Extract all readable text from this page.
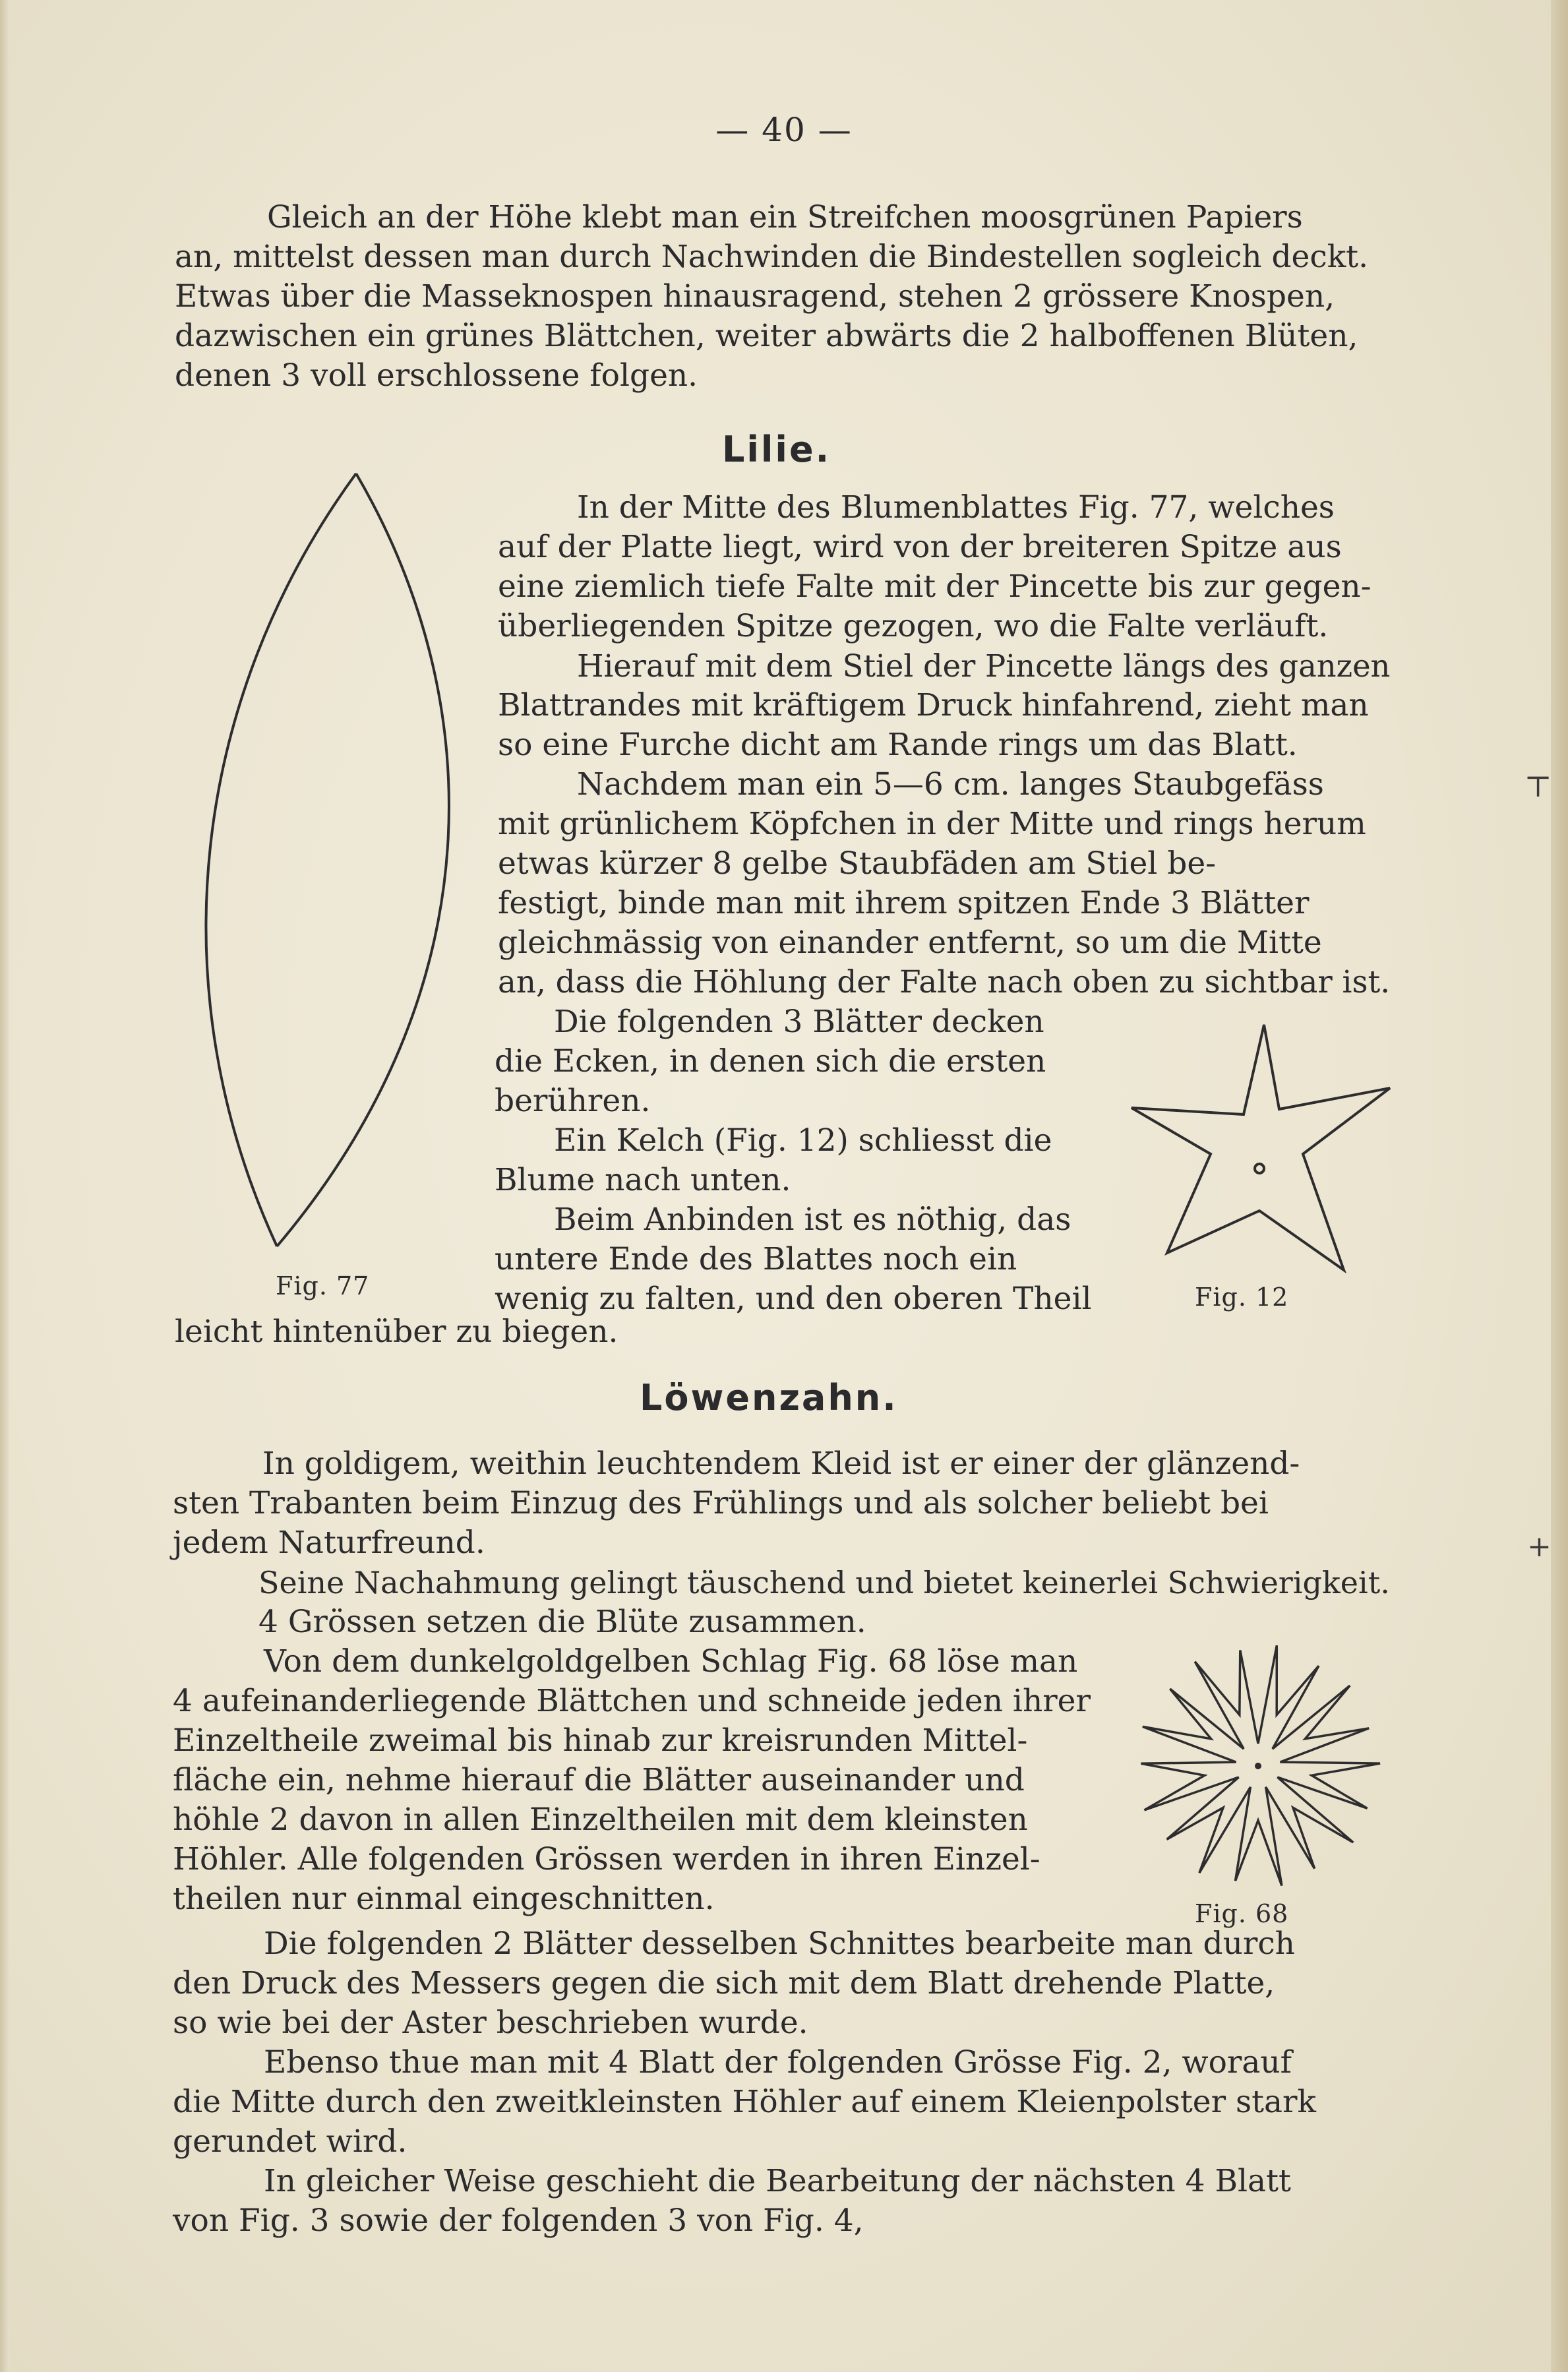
— 40 —
Gleich an der Höhe klebt man ein Streifchen moosgrünen Papiers
an, mittelst dessen man durch Nachwinden die Bindestellen sogleich deckt.
Etwas über die Masseknospen hinausragend, stehen 2 grössere Knospen,
dazwischen ein grünes Blättchen, weiter abwärts die 2 halboffenen Blüten,
denen 3 voll erschlossene folgen.
Lilie.
Fig. 77
In der Mitte des Blumenblattes Fig. 77, welches
auf der Platte liegt, wird von der breiteren Spitze aus
eine ziemlich tiefe Falte mit der Pincette bis zur gegen-
überliegenden Spitze gezogen, wo die Falte verläuft.
Hierauf mit dem Stiel der Pincette längs des ganzen
Blattrandes mit kräftigem Druck hinfahrend, zieht man
so eine Furche dicht am Rande rings um das Blatt.
Nachdem man ein 5—6 cm. langes Staubgefäss
mit grünlichem Köpfchen in der Mitte und rings herum
etwas kürzer 8 gelbe Staubfäden am Stiel be-
festigt, binde man mit ihrem spitzen Ende 3 Blätter
gleichmässig von einander entfernt, so um die Mitte
an, dass die Höhlung der Falte nach oben zu sichtbar ist.
Die folgenden 3 Blätter decken
die Ecken, in denen sich die ersten
berühren.
Ein Kelch (Fig. 12) schliesst die
Blume nach unten.
Beim Anbinden ist es nöthig, das
untere Ende des Blattes noch ein
wenig zu falten, und den oberen Theil	Fig. 12
leicht hintenüber zu biegen.
Löwenzahn.
In goldigem, weithin leuchtendem Kleid ist er einer der glänzend-
sten Trabanten beim Einzug des Frühlings und als solcher beliebt bei
jedem Naturfreund.
Seine Nachahmung gelingt täuschend und bietet keinerlei Schwierigkeit.
4 Grössen setzen die Blüte zusammen.
Von dem dunkelgoldgelben Schlag Fig. 68 löse man
4 aufeinanderliegende Blättchen und schneide jeden ihrer
Einzeltheile zweimal bis hinab zur kreisrunden Mittel-
fläche ein, nehme hierauf die Blätter auseinander und
höhle 2 davon in allen Einzeltheilen mit dem kleinsten
Höhler. Alle folgenden Grössen werden in ihren Einzel-
theilen nur einmal eingeschnitten.	Fig. 68
Die folgenden 2 Blätter desselben Schnittes bearbeite man durch
den Druck des Messers gegen die sich mit dem Blatt drehende Platte,
so wie bei der Aster beschrieben wurde.
Ebenso thue man mit 4 Blatt der folgenden Grösse Fig. 2, worauf
die Mitte durch den zweitkleinsten Höhler auf einem Kleienpolster stark
gerundet wird.
In gleicher Weise geschieht die Bearbeitung der nächsten 4 Blatt
von Fig. 3 sowie der folgenden 3 von Fig. 4,
⊤
+
